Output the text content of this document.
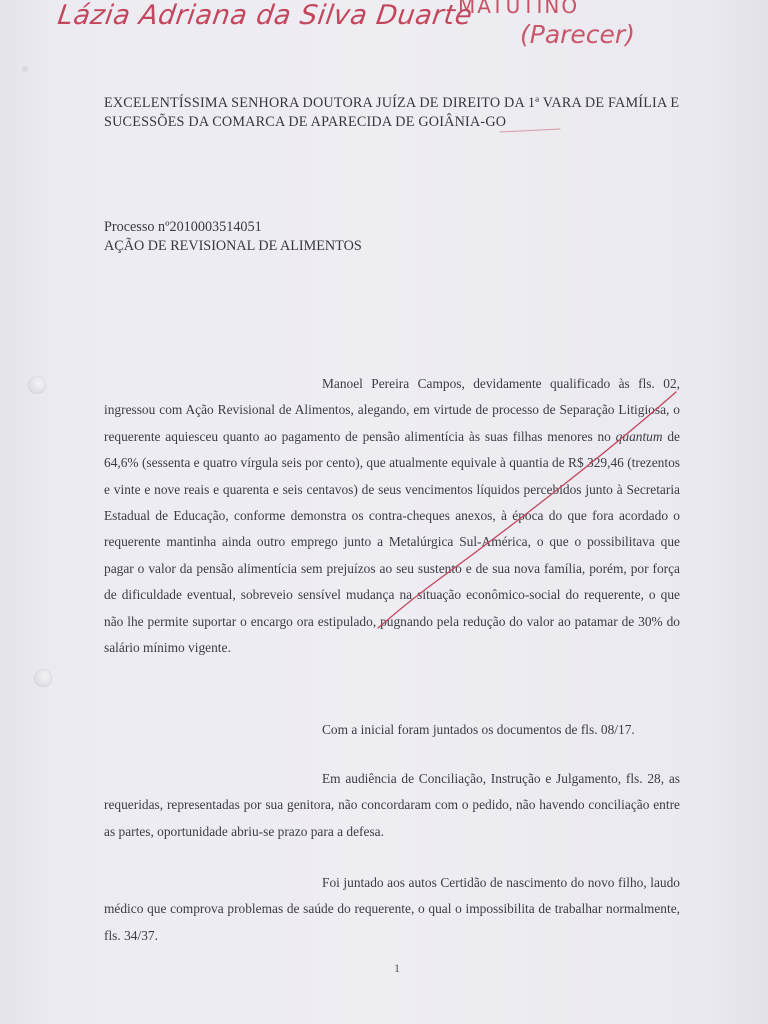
Lázia Adriana da Silva Duarte
MATUTINO
(Parecer)
EXCELENTÍSSIMA SENHORA DOUTORA JUÍZA DE DIREITO DA 1ª VARA DE FAMÍLIA E SUCESSÕES DA COMARCA DE APARECIDA DE GOIÂNIA-GO
Processo nº2010003514051
AÇÃO DE REVISIONAL DE ALIMENTOS
Manoel Pereira Campos, devidamente qualificado às fls. 02, ingressou com Ação Revisional de Alimentos, alegando, em virtude de processo de Separação Litigiosa, o requerente aquiesceu quanto ao pagamento de pensão alimentícia às suas filhas menores no quantum de 64,6% (sessenta e quatro vírgula seis por cento), que atualmente equivale à quantia de R$ 329,46 (trezentos e vinte e nove reais e quarenta e seis centavos) de seus vencimentos líquidos percebidos junto à Secretaria Estadual de Educação, conforme demonstra os contra-cheques anexos, à época do que fora acordado o requerente mantinha ainda outro emprego junto a Metalúrgica Sul-América, o que o possibilitava que pagar o valor da pensão alimentícia sem prejuízos ao seu sustento e de sua nova família, porém, por força de dificuldade eventual, sobreveio sensível mudança na situação econômico-social do requerente, o que não lhe permite suportar o encargo ora estipulado, pugnando pela redução do valor ao patamar de 30% do salário mínimo vigente.
Com a inicial foram juntados os documentos de fls. 08/17.
Em audiência de Conciliação, Instrução e Julgamento, fls. 28, as requeridas, representadas por sua genitora, não concordaram com o pedido, não havendo conciliação entre as partes, oportunidade abriu-se prazo para a defesa.
Foi juntado aos autos Certidão de nascimento do novo filho, laudo médico que comprova problemas de saúde do requerente, o qual o impossibilita de trabalhar normalmente, fls. 34/37.
1
